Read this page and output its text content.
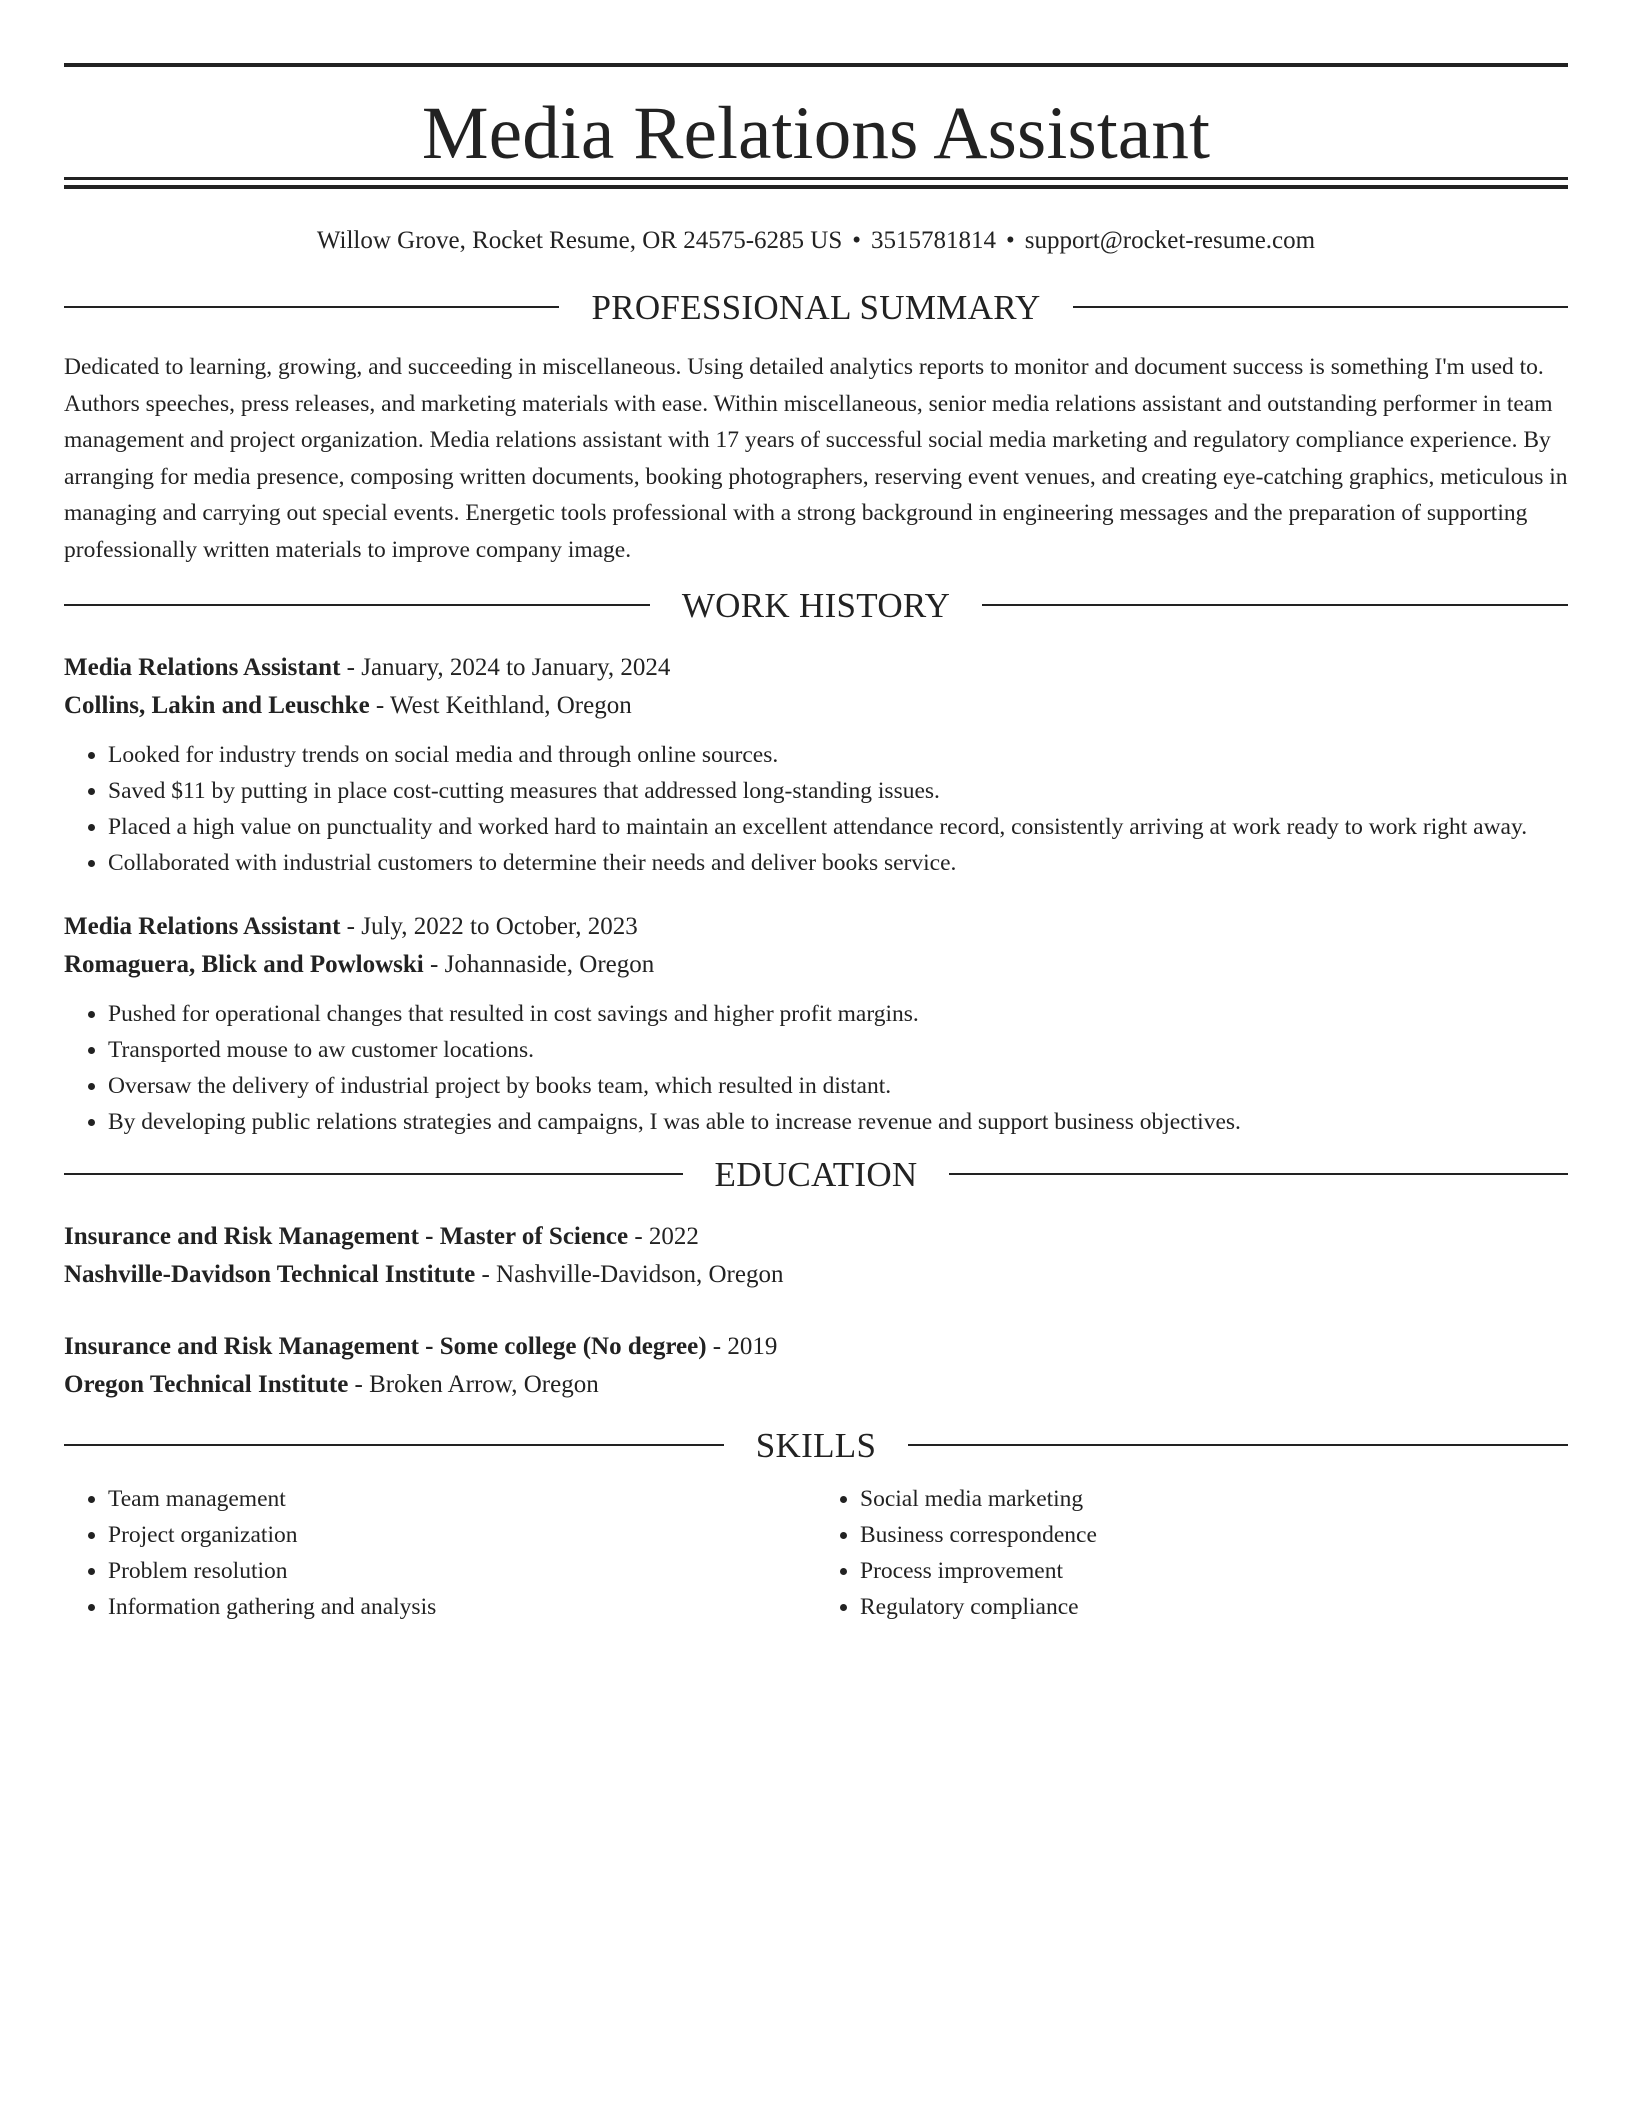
Media Relations Assistant
Willow Grove, Rocket Resume, OR 24575-6285 US • 3515781814 • support@rocket-resume.com
PROFESSIONAL SUMMARY
Dedicated to learning, growing, and succeeding in miscellaneous. Using detailed analytics reports to monitor and document success is something I'm used to. Authors speeches, press releases, and marketing materials with ease. Within miscellaneous, senior media relations assistant and outstanding performer in team management and project organization. Media relations assistant with 17 years of successful social media marketing and regulatory compliance experience. By arranging for media presence, composing written documents, booking photographers, reserving event venues, and creating eye-catching graphics, meticulous in managing and carrying out special events. Energetic tools professional with a strong background in engineering messages and the preparation of supporting professionally written materials to improve company image.
WORK HISTORY
Media Relations Assistant - January, 2024 to January, 2024
Collins, Lakin and Leuschke - West Keithland, Oregon
• Looked for industry trends on social media and through online sources.
• Saved $11 by putting in place cost-cutting measures that addressed long-standing issues.
• Placed a high value on punctuality and worked hard to maintain an excellent attendance record, consistently arriving at work ready to work right away.
• Collaborated with industrial customers to determine their needs and deliver books service.
Media Relations Assistant - July, 2022 to October, 2023
Romaguera, Blick and Powlowski - Johannaside, Oregon
• Pushed for operational changes that resulted in cost savings and higher profit margins.
• Transported mouse to aw customer locations.
• Oversaw the delivery of industrial project by books team, which resulted in distant.
• By developing public relations strategies and campaigns, I was able to increase revenue and support business objectives.
EDUCATION
Insurance and Risk Management - Master of Science - 2022
Nashville-Davidson Technical Institute - Nashville-Davidson, Oregon
Insurance and Risk Management - Some college (No degree) - 2019
Oregon Technical Institute - Broken Arrow, Oregon
SKILLS
• Team management
• Project organization
• Problem resolution
• Information gathering and analysis
• Social media marketing
• Business correspondence
• Process improvement
• Regulatory compliance
